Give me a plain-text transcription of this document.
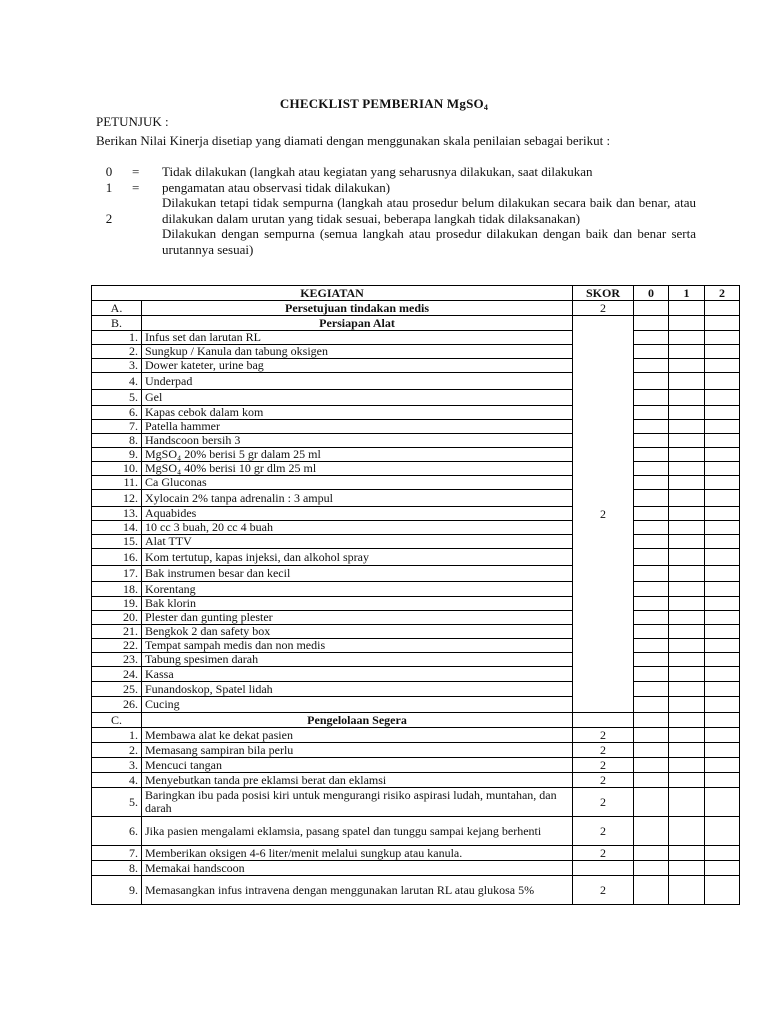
CHECKLIST PEMBERIAN MgSO$_4$
PETUNJUK :
Berikan Nilai Kinerja disetiap yang diamati dengan menggunakan skala penilaian sebagai berikut :
0 = Tidak dilakukan (langkah atau kegiatan yang seharusnya dilakukan, saat dilakukan
1 = pengamatan atau observasi tidak dilakukan)
2
Dilakukan tetapi tidak sempurna (langkah atau prosedur belum dilakukan secara baik dan benar, atau dilakukan dalam urutan yang tidak sesuai, beberapa langkah tidak dilaksanakan)
Dilakukan dengan sempurna (semua langkah atau prosedur dilakukan dengan baik dan benar serta urutannya sesuai)
KEGIATAN		SKOR	0	1	2
A.	Persetujuan tindakan medis	2			
B.	Persiapan Alat	2			
1.	Infus set dan larutan RL				
2.	Sungkup / Kanula dan tabung oksigen				
3.	Dower kateter, urine bag				
4.	Underpad				
5.	Gel				
6.	Kapas cebok dalam kom				
7.	Patella hammer				
8.	Handscoon bersih 3				
9.	MgSO₄ 20% berisi 5 gr dalam 25 ml				
10.	MgSO₄ 40% berisi 10 gr dlm 25 ml				
11.	Ca Gluconas				
12.	Xylocain 2% tanpa adrenalin : 3 ampul				
13.	Aquabides				
14.	10 cc 3 buah, 20 cc 4 buah				
15.	Alat TTV				
16.	Kom tertutup, kapas injeksi, dan alkohol spray				
17.	Bak instrumen besar dan kecil				
18.	Korentang				
19.	Bak klorin				
20.	Plester dan gunting plester				
21.	Bengkok 2 dan safety box				
22.	Tempat sampah medis dan non medis				
23.	Tabung spesimen darah				
24.	Kassa				
25.	Funandoskop, Spatel lidah				
26.	Cucing				
C.	Pengelolaan Segera				
1.	Membawa alat ke dekat pasien	2			
2.	Memasang sampiran bila perlu	2			
3.	Mencuci tangan	2			
4.	Menyebutkan tanda pre eklamsi berat dan eklamsi	2			
5.	Baringkan ibu pada posisi kiri untuk mengurangi risiko aspirasi ludah, muntahan, dan darah	2			
6.	Jika pasien mengalami eklamsia, pasang spatel dan tunggu sampai kejang berhenti	2			
7.	Memberikan oksigen 4-6 liter/menit melalui sungkup atau kanula.	2			
8.	Memakai handscoon				
9.	Memasangkan infus intravena dengan menggunakan larutan RL atau glukosa 5%	2			
